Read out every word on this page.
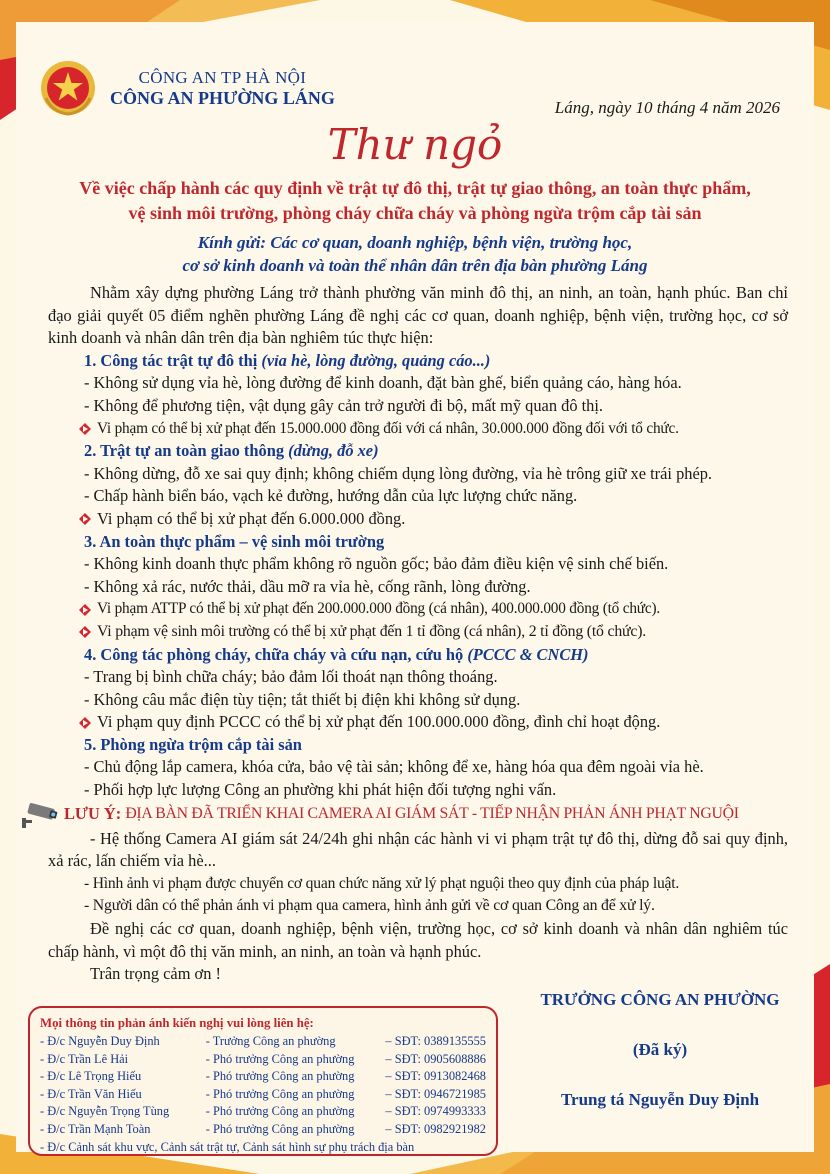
CÔNG AN TP HÀ NỘI
CÔNG AN PHƯỜNG LÁNG	Láng, ngày 10 tháng 4 năm 2026
Thư ngỏ
Về việc chấp hành các quy định về trật tự đô thị, trật tự giao thông, an toàn thực phẩm,
vệ sinh môi trường, phòng cháy chữa cháy và phòng ngừa trộm cắp tài sản
Kính gửi: Các cơ quan, doanh nghiệp, bệnh viện, trường học,
cơ sở kinh doanh và toàn thể nhân dân trên địa bàn phường Láng
Nhằm xây dựng phường Láng trở thành phường văn minh đô thị, an ninh, an toàn, hạnh phúc. Ban chỉ đạo giải quyết 05 điểm nghẽn phường Láng đề nghị các cơ quan, doanh nghiệp, bệnh viện, trường học, cơ sở kinh doanh và nhân dân trên địa bàn nghiêm túc thực hiện:
1. Công tác trật tự đô thị (vỉa hè, lòng đường, quảng cáo...)
- Không sử dụng vỉa hè, lòng đường để kinh doanh, đặt bàn ghế, biển quảng cáo, hàng hóa.
- Không để phương tiện, vật dụng gây cản trở người đi bộ, mất mỹ quan đô thị.
Vi phạm có thể bị xử phạt đến 15.000.000 đồng đối với cá nhân, 30.000.000 đồng đối với tổ chức.
2. Trật tự an toàn giao thông (dừng, đỗ xe)
- Không dừng, đỗ xe sai quy định; không chiếm dụng lòng đường, vỉa hè trông giữ xe trái phép.
- Chấp hành biển báo, vạch kẻ đường, hướng dẫn của lực lượng chức năng.
Vi phạm có thể bị xử phạt đến 6.000.000 đồng.
3. An toàn thực phẩm – vệ sinh môi trường
- Không kinh doanh thực phẩm không rõ nguồn gốc; bảo đảm điều kiện vệ sinh chế biến.
- Không xả rác, nước thải, dầu mỡ ra vỉa hè, cống rãnh, lòng đường.
Vi phạm ATTP có thể bị xử phạt đến 200.000.000 đồng (cá nhân), 400.000.000 đồng (tổ chức).
Vi phạm vệ sinh môi trường có thể bị xử phạt đến 1 tỉ đồng (cá nhân), 2 tỉ đồng (tổ chức).
4. Công tác phòng cháy, chữa cháy và cứu nạn, cứu hộ (PCCC & CNCH)
- Trang bị bình chữa cháy; bảo đảm lối thoát nạn thông thoáng.
- Không câu mắc điện tùy tiện; tắt thiết bị điện khi không sử dụng.
Vi phạm quy định PCCC có thể bị xử phạt đến 100.000.000 đồng, đình chỉ hoạt động.
5. Phòng ngừa trộm cắp tài sản
- Chủ động lắp camera, khóa cửa, bảo vệ tài sản; không để xe, hàng hóa qua đêm ngoài vỉa hè.
- Phối hợp lực lượng Công an phường khi phát hiện đối tượng nghi vấn.
LƯU Ý:
ĐỊA BÀN ĐÃ TRIỂN KHAI CAMERA AI GIÁM SÁT - TIẾP NHẬN PHẢN ÁNH PHẠT NGUỘI
- Hệ thống Camera AI giám sát 24/24h ghi nhận các hành vi vi phạm trật tự đô thị, dừng đỗ sai quy định, xả rác, lấn chiếm vỉa hè...
- Hình ảnh vi phạm được chuyển cơ quan chức năng xử lý phạt nguội theo quy định của pháp luật.
- Người dân có thể phản ánh vi phạm qua camera, hình ảnh gửi về cơ quan Công an để xử lý.
Đề nghị các cơ quan, doanh nghiệp, bệnh viện, trường học, cơ sở kinh doanh và nhân dân nghiêm túc chấp hành, vì một đô thị văn minh, an ninh, an toàn và hạnh phúc.
Trân trọng cảm ơn !
Mọi thông tin phản ánh kiến nghị vui lòng liên hệ:
- Đ/c Nguyễn Duy Định	- Trưởng Công an phường	– SĐT: 0389135555
- Đ/c Trần Lê Hải	- Phó trưởng Công an phường	– SĐT: 0905608886
- Đ/c Lê Trọng Hiếu	- Phó trưởng Công an phường	– SĐT: 0913082468
- Đ/c Trần Văn Hiếu	- Phó trưởng Công an phường	– SĐT: 0946721985
- Đ/c Nguyễn Trọng Tùng	- Phó trưởng Công an phường	– SĐT: 0974993333
- Đ/c Trần Mạnh Toàn	- Phó trưởng Công an phường	– SĐT: 0982921982
- Đ/c Cảnh sát khu vực, Cảnh sát trật tự, Cảnh sát hình sự phụ trách địa bàn
TRƯỞNG CÔNG AN PHƯỜNG
(Đã ký)
Trung tá Nguyễn Duy Định
